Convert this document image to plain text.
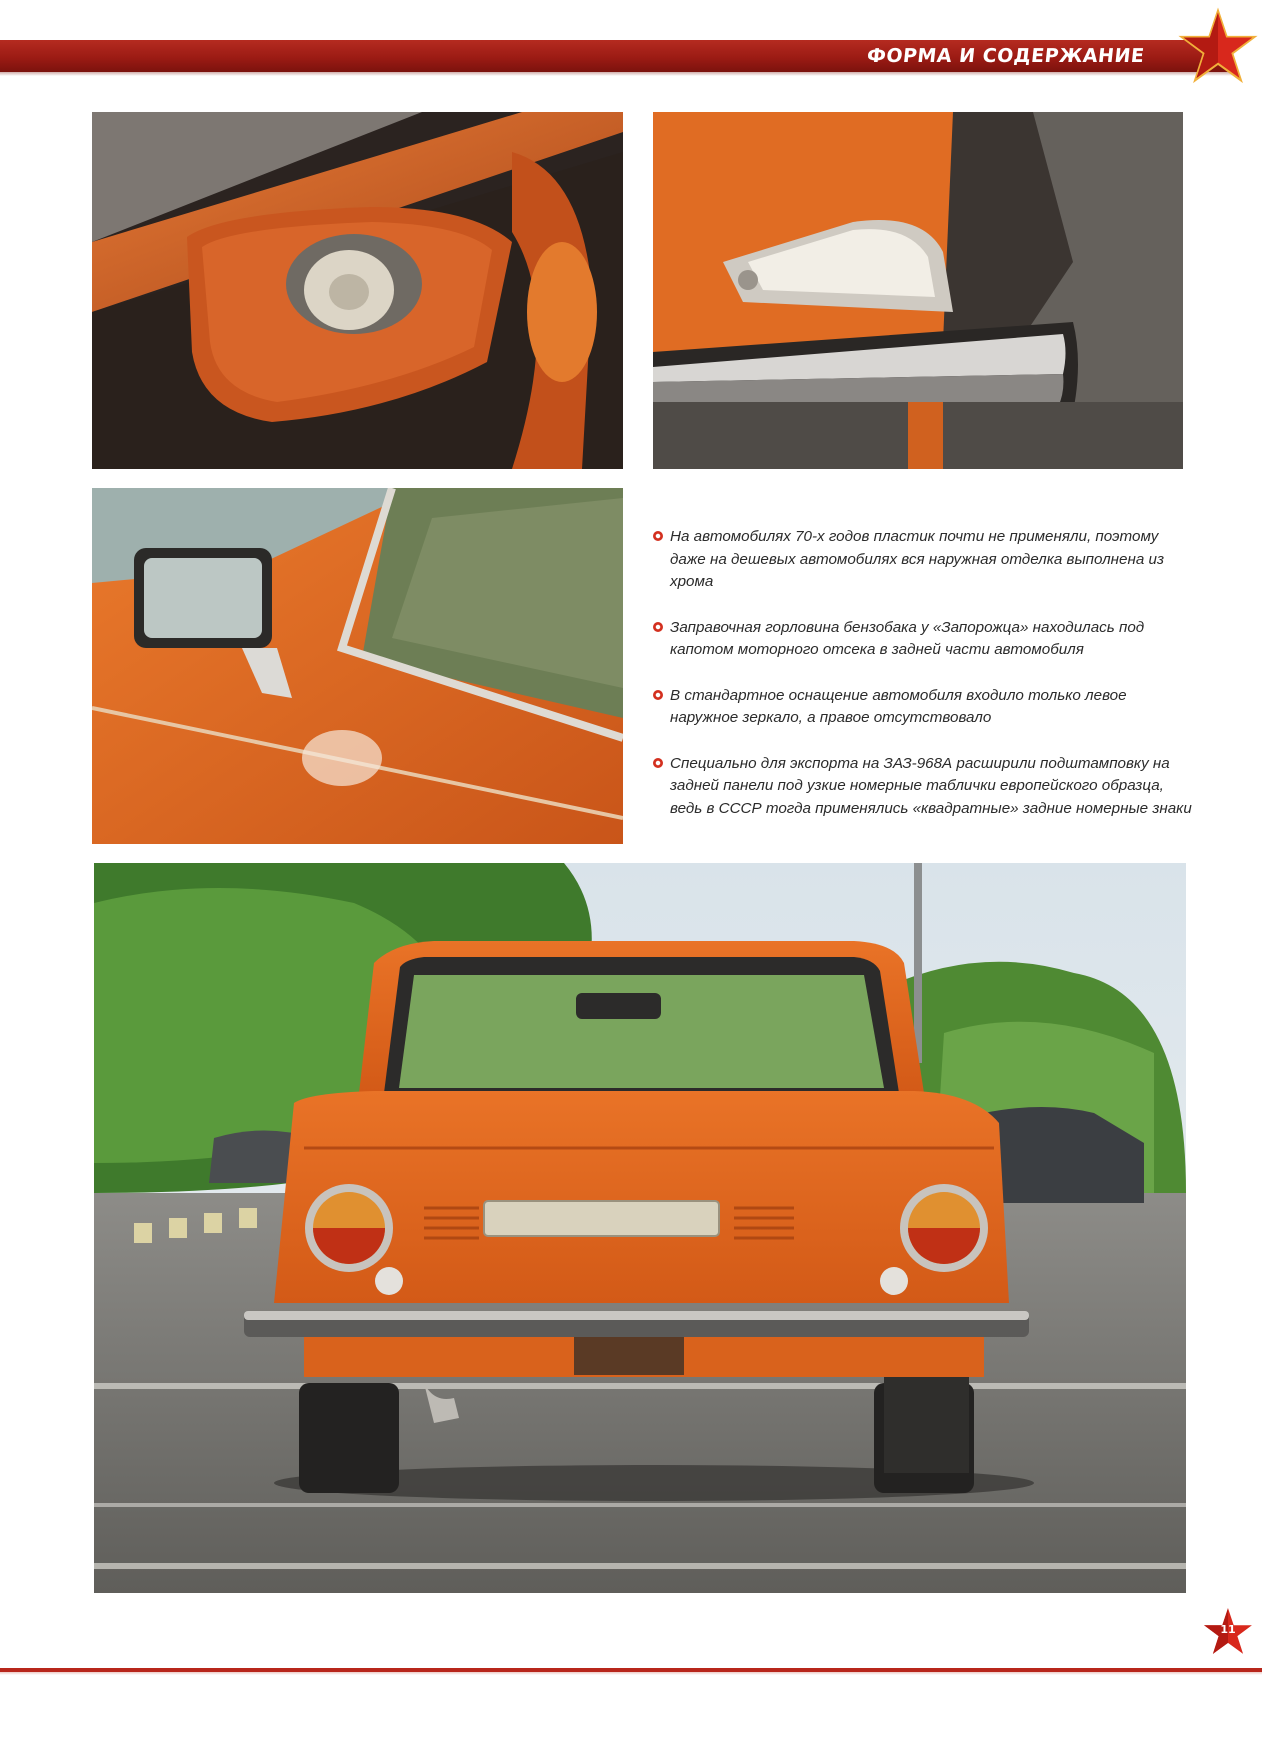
ФОРМА И СОДЕРЖАНИЕ
На автомобилях 70-х годов пластик почти не применяли, поэтому даже на дешевых автомобилях вся наружная отделка выполнена из хрома
Заправочная горловина бензобака у «Запорожца» находилась под капотом моторного отсека в задней части автомобиля
В стандартное оснащение автомобиля входило только левое наружное зеркало, а правое отсутствовало
Специально для экспорта на ЗАЗ-968А расширили подштамповку на задней панели под узкие номерные таблички европейского образца, ведь в СССР тогда применялись «квадратные» задние номерные знаки
11
